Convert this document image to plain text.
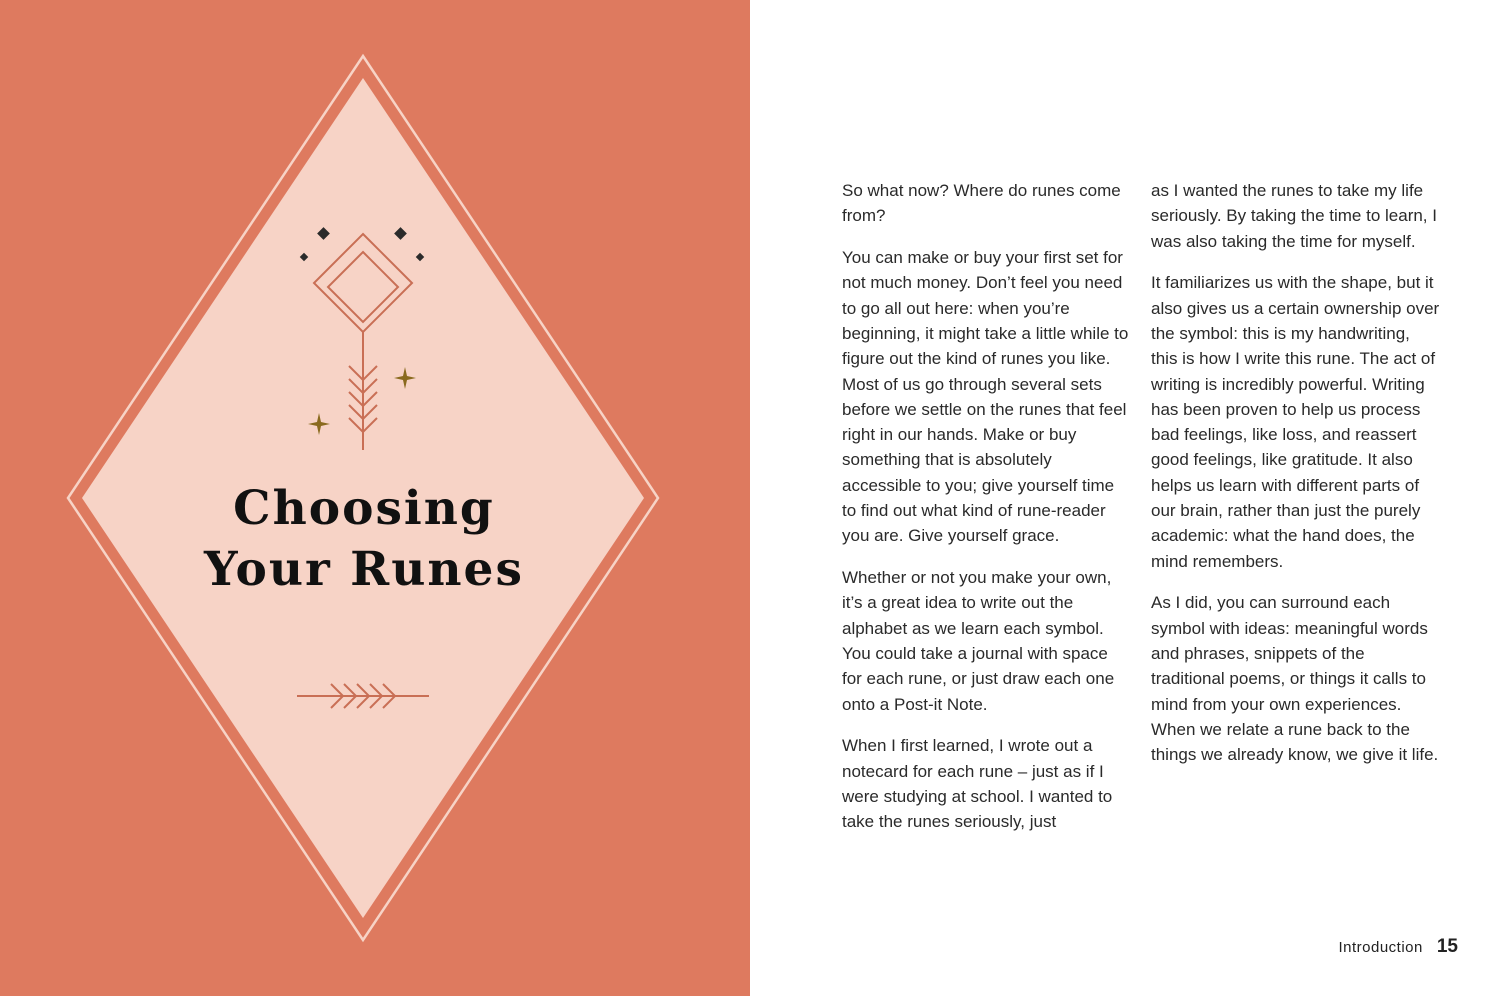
Choosing
Your Runes

So what now? Where do runes come from?

You can make or buy your first set for not much money. Don’t feel you need to go all out here: when you’re beginning, it might take a little while to figure out the kind of runes you like. Most of us go through several sets before we settle on the runes that feel right in our hands. Make or buy something that is absolutely accessible to you; give yourself time to find out what kind of rune-reader you are. Give yourself grace.

Whether or not you make your own, it’s a great idea to write out the alphabet as we learn each symbol. You could take a journal with space for each rune, or just draw each one onto a Post-it Note.

When I first learned, I wrote out a notecard for each rune – just as if I were studying at school. I wanted to take the runes seriously, just

as I wanted the runes to take my life seriously. By taking the time to learn, I was also taking the time for myself.

It familiarizes us with the shape, but it also gives us a certain ownership over the symbol: this is my handwriting, this is how I write this rune. The act of writing is incredibly powerful. Writing has been proven to help us process bad feelings, like loss, and reassert good feelings, like gratitude. It also helps us learn with different parts of our brain, rather than just the purely academic: what the hand does, the mind remembers.

As I did, you can surround each symbol with ideas: meaningful words and phrases, snippets of the traditional poems, or things it calls to mind from your own experiences. When we relate a rune back to the things we already know, we give it life.

Introduction 15
